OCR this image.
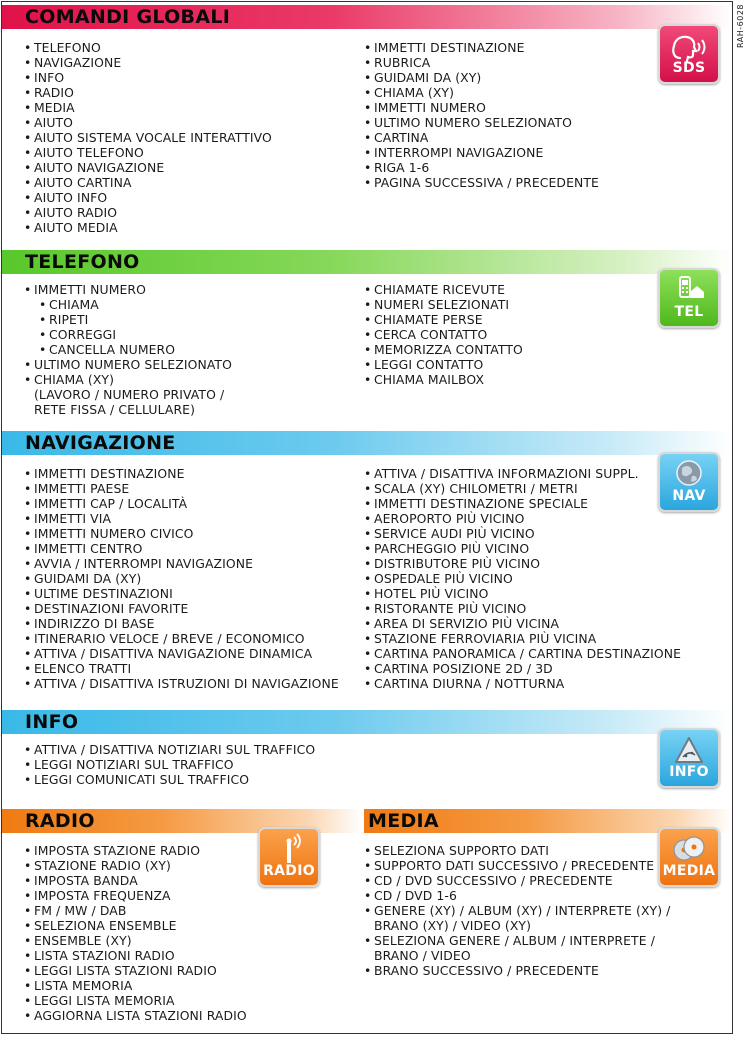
RAH-6028
COMANDI GLOBALI
• TELEFONO
• NAVIGAZIONE
• INFO
• RADIO
• MEDIA
• AIUTO
• AIUTO SISTEMA VOCALE INTERATTIVO
• AIUTO TELEFONO
• AIUTO NAVIGAZIONE
• AIUTO CARTINA
• AIUTO INFO
• AIUTO RADIO
• AIUTO MEDIA
• IMMETTI DESTINAZIONE
• RUBRICA
• GUIDAMI DA (XY)
• CHIAMA (XY)
• IMMETTI NUMERO
• ULTIMO NUMERO SELEZIONATO
• CARTINA
• INTERROMPI NAVIGAZIONE
• RIGA 1-6
• PAGINA SUCCESSIVA / PRECEDENTE
SDS
TELEFONO
• IMMETTI NUMERO
• CHIAMA
• RIPETI
• CORREGGI
• CANCELLA NUMERO
• ULTIMO NUMERO SELEZIONATO
• CHIAMA (XY)
(LAVORO / NUMERO PRIVATO /
RETE FISSA / CELLULARE)
• CHIAMATE RICEVUTE
• NUMERI SELEZIONATI
• CHIAMATE PERSE
• CERCA CONTATTO
• MEMORIZZA CONTATTO
• LEGGI CONTATTO
• CHIAMA MAILBOX
TEL
NAVIGAZIONE
• IMMETTI DESTINAZIONE
• IMMETTI PAESE
• IMMETTI CAP / LOCALITÀ
• IMMETTI VIA
• IMMETTI NUMERO CIVICO
• IMMETTI CENTRO
• AVVIA / INTERROMPI NAVIGAZIONE
• GUIDAMI DA (XY)
• ULTIME DESTINAZIONI
• DESTINAZIONI FAVORITE
• INDIRIZZO DI BASE
• ITINERARIO VELOCE / BREVE / ECONOMICO
• ATTIVA / DISATTIVA NAVIGAZIONE DINAMICA
• ELENCO TRATTI
• ATTIVA / DISATTIVA ISTRUZIONI DI NAVIGAZIONE
• ATTIVA / DISATTIVA INFORMAZIONI SUPPL.
• SCALA (XY) CHILOMETRI / METRI
• IMMETTI DESTINAZIONE SPECIALE
• AEROPORTO PIÙ VICINO
• SERVICE AUDI PIÙ VICINO
• PARCHEGGIO PIÙ VICINO
• DISTRIBUTORE PIÙ VICINO
• OSPEDALE PIÙ VICINO
• HOTEL PIÙ VICINO
• RISTORANTE PIÙ VICINO
• AREA DI SERVIZIO PIÙ VICINA
• STAZIONE FERROVIARIA PIÙ VICINA
• CARTINA PANORAMICA / CARTINA DESTINAZIONE
• CARTINA POSIZIONE 2D / 3D
• CARTINA DIURNA / NOTTURNA
NAV
INFO
• ATTIVA / DISATTIVA NOTIZIARI SUL TRAFFICO
• LEGGI NOTIZIARI SUL TRAFFICO
• LEGGI COMUNICATI SUL TRAFFICO	INFO
RADIO
• IMPOSTA STAZIONE RADIO
• STAZIONE RADIO (XY)
• IMPOSTA BANDA
• IMPOSTA FREQUENZA
• FM / MW / DAB
• SELEZIONA ENSEMBLE
• ENSEMBLE (XY)
• LISTA STAZIONI RADIO
• LEGGI LISTA STAZIONI RADIO
• LISTA MEMORIA
• LEGGI LISTA MEMORIA
• AGGIORNA LISTA STAZIONI RADIO
RADIO
MEDIA
• SELEZIONA SUPPORTO DATI
• SUPPORTO DATI SUCCESSIVO / PRECEDENTE
• CD / DVD SUCCESSIVO / PRECEDENTE
• CD / DVD 1-6
• GENERE (XY) / ALBUM (XY) / INTERPRETE (XY) /
BRANO (XY) / VIDEO (XY)
• SELEZIONA GENERE / ALBUM / INTERPRETE /
BRANO / VIDEO
• BRANO SUCCESSIVO / PRECEDENTE
MEDIA
